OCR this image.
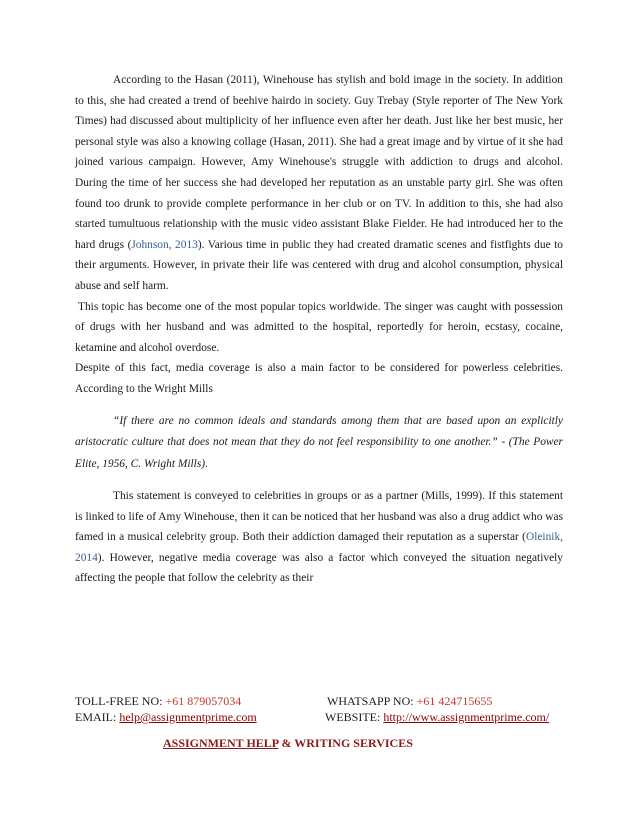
According to the Hasan (2011), Winehouse has stylish and bold image in the society. In addition to this, she had created a trend of beehive hairdo in society. Guy Trebay (Style reporter of The New York Times) had discussed about multiplicity of her influence even after her death. Just like her best music, her personal style was also a knowing collage (Hasan, 2011). She had a great image and by virtue of it she had joined various campaign. However, Amy Winehouse's struggle with addiction to drugs and alcohol. During the time of her success she had developed her reputation as an unstable party girl. She was often found too drunk to provide complete performance in her club or on TV. In addition to this, she had also started tumultuous relationship with the music video assistant Blake Fielder. He had introduced her to the hard drugs (Johnson, 2013). Various time in public they had created dramatic scenes and fistfights due to their arguments. However, in private their life was centered with drug and alcohol consumption, physical abuse and self harm.

This topic has become one of the most popular topics worldwide. The singer was caught with possession of drugs with her husband and was admitted to the hospital, reportedly for heroin, ecstasy, cocaine, ketamine and alcohol overdose.

Despite of this fact, media coverage is also a main factor to be considered for powerless celebrities. According to the Wright Mills

“If there are no common ideals and standards among them that are based upon an explicitly aristocratic culture that does not mean that they do not feel responsibility to one another.” - (The Power Elite, 1956, C. Wright Mills).

This statement is conveyed to celebrities in groups or as a partner (Mills, 1999). If this statement is linked to life of Amy Winehouse, then it can be noticed that her husband was also a drug addict who was famed in a musical celebrity group. Both their addiction damaged their reputation as a superstar (Oleinik, 2014). However, negative media coverage was also a factor which conveyed the situation negatively affecting the people that follow the celebrity as their

TOLL-FREE NO: +61 879057034	WHATSAPP NO: +61 424715655
EMAIL: help@assignmentprime.com	WEBSITE: http://www.assignmentprime.com/
ASSIGNMENT HELP & WRITING SERVICES
